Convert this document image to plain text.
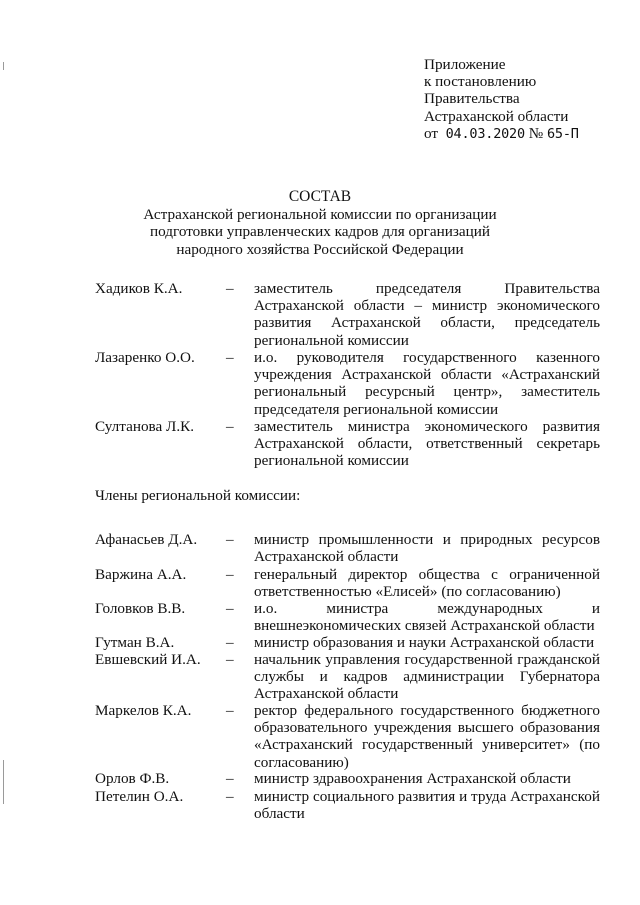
Приложение
к постановлению
Правительства
Астраханской области
от 04.03.2020 № 65-П
СОСТАВ
Астраханской региональной комиссии по организации
подготовки управленческих кадров для организаций
народного хозяйства Российской Федерации
Хадиков К.А.	– заместитель председателя Правительства Астраханской области – министр экономического развития Астраханской области, председатель региональной комиссии
Лазаренко О.О. – и.о. руководителя государственного казенного учреждения Астраханской области «Астраханский региональный ресурсный центр», заместитель председателя региональной комиссии
Султанова Л.К. – заместитель министра экономического развития Астраханской области, ответственный секретарь региональной комиссии
Члены региональной комиссии:
Афанасьев Д.А. – министр промышленности и природных ресурсов Астраханской области
Варжина А.А.	– генеральный директор общества с ограниченной ответственностью «Елисей» (по согласованию)
Головков В.В.	– и.о. министра международных и внешнеэкономических связей Астраханской области
Гутман В.А.	– министр образования и науки Астраханской области
Евшевский И.А. – начальник управления государственной гражданской службы и кадров администрации Губернатора Астраханской области
Маркелов К.А. – ректор федерального государственного бюджетного образовательного учреждения высшего образования «Астраханский государственный университет» (по согласованию)
Орлов Ф.В.	– министр здравоохранения Астраханской области
Петелин О.А.	– министр социального развития и труда Астраханской области
